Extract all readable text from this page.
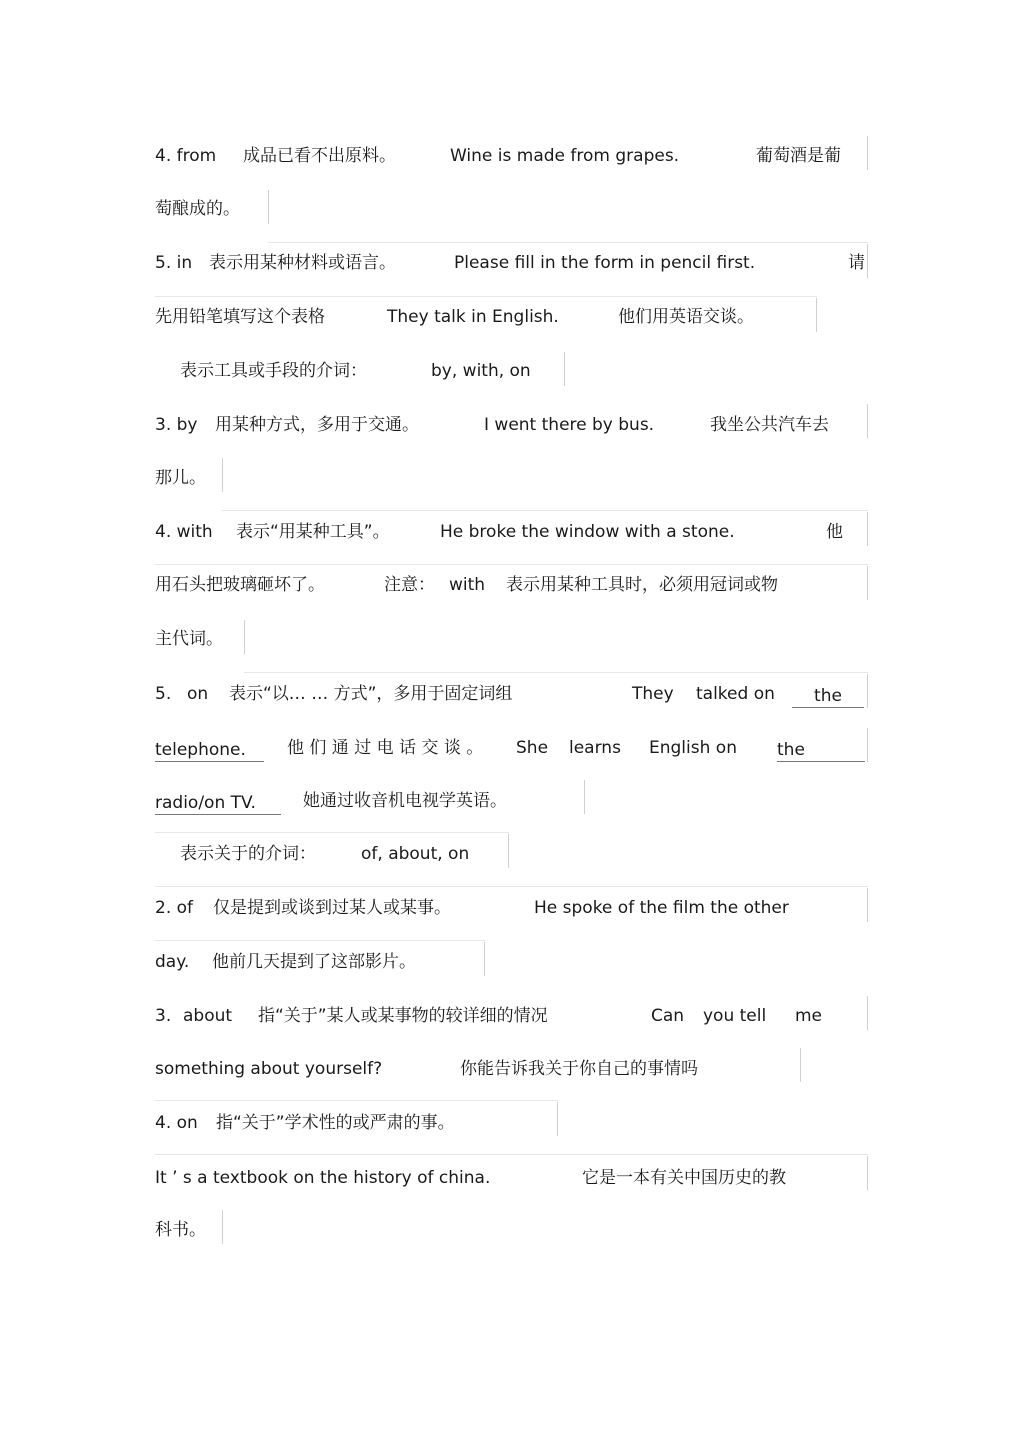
4. from 成品已看不出原料。	Wine is made from grapes.	葡萄酒是葡
萄酿成的。
5. in 表示用某种材料或语言。	Please fill in the form in pencil first.	请
先用铅笔填写这个表格	They talk in English.	他们用英语交谈。
表示工具或手段的介词：	by, with, on
3. by 用某种方式，多用于交通。	I went there by bus.	我坐公共汽车去
那儿。
4. with 表示“用某种工具”。	He broke the window with a stone.	他
用石头把玻璃砸坏了。	注意： with 表示用某种工具时，必须用冠词或物
主代词。
5. on 表示“以… … 方式”，多用于固定词组	They talked on	the
telephone.	他 们 通 过 电 话 交 谈 。 She learns English on the
radio/on TV.	她通过收音机电视学英语。
表示关于的介词：	of, about, on
2. of 仅是提到或谈到过某人或某事。	He spoke of the film the other
day. 他前几天提到了这部影片。
3. about 指“关于”某人或某事物的较详细的情况	Can you tell me
something about yourself?	你能告诉我关于你自己的事情吗
4. on 指“关于”学术性的或严肃的事。
It ’ s a textbook on the history of china.	它是一本有关中国历史的教
科书。
